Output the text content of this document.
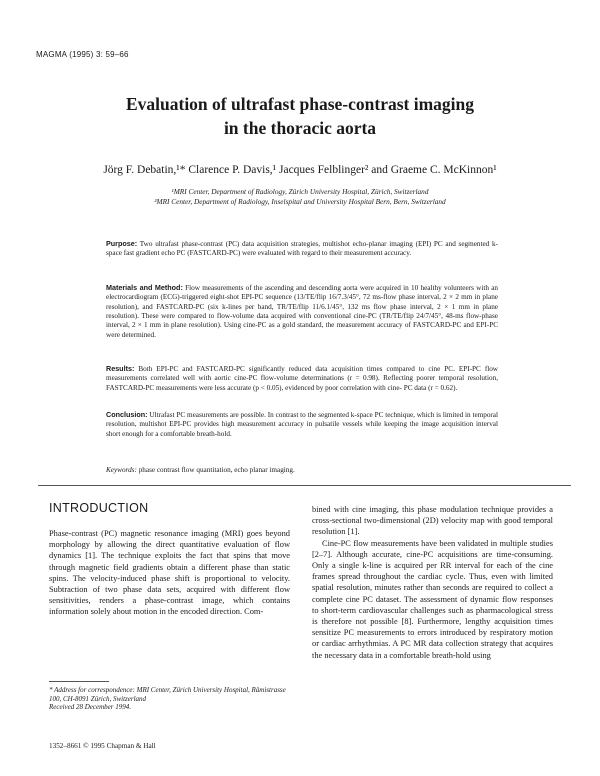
MAGMA (1995) 3: 59–66
Evaluation of ultrafast phase-contrast imaging
in the thoracic aorta
Jörg F. Debatin,¹* Clarence P. Davis,¹ Jacques Felblinger² and Graeme C. McKinnon¹
¹MRI Center, Department of Radiology, Zürich University Hospital, Zürich, Switzerland
²MRI Center, Department of Radiology, Inselspital and University Hospital Bern, Bern, Switzerland
Purpose: Two ultrafast phase-contrast (PC) data acquisition strategies, multishot echo-planar imaging (EPI) PC and segmented k-space fast gradient echo PC (FASTCARD-PC) were evaluated with regard to their measurement accuracy.
Materials and Method: Flow measurements of the ascending and descending aorta were acquired in 10 healthy volunteers with an electrocardiogram (ECG)-triggered eight-shot EPI-PC sequence (13/TE/flip 16/7.3/45°, 72 ms-flow phase interval, 2 × 2 mm in plane resolution), and FASTCARD-PC (six k-lines per band, TR/TE/flip 11/6.1/45°, 132 ms flow phase interval, 2 × 1 mm in plane resolution). These were compared to flow-volume data acquired with conventional cine-PC (TR/TE/flip 24/7/45°, 48-ms flow-phase interval, 2 × 1 mm in plane resolution). Using cine-PC as a gold standard, the measurement accuracy of FASTCARD-PC and EPI-PC were determined.
Results: Both EPI-PC and FASTCARD-PC significantly reduced data acquisition times compared to cine PC. EPI-PC flow measurements correlated well with aortic cine-PC flow-volume determinations (r = 0.98). Reflecting poorer temporal resolution, FASTCARD-PC measurements were less accurate (p < 0.05), evidenced by poor correlation with cine- PC data (r = 0.62).
Conclusion: Ultrafast PC measurements are possible. In contrast to the segmented k-space PC technique, which is limited in temporal resolution, multishot EPI-PC provides high measurement accuracy in pulsatile vessels while keeping the image acquisition interval short enough for a comfortable breath-hold.
Keywords: phase contrast flow quantitation, echo planar imaging.
INTRODUCTION
Phase-contrast (PC) magnetic resonance imaging (MRI) goes beyond morphology by allowing the direct quantitative evaluation of flow dynamics [1]. The technique exploits the fact that spins that move through magnetic field gradients obtain a different phase than static spins. The velocity-induced phase shift is proportional to velocity. Subtraction of two phase data sets, acquired with different flow sensitivities, renders a phase-contrast image, which contains information solely about motion in the encoded direction. Com-
bined with cine imaging, this phase modulation technique provides a cross-sectional two-dimensional (2D) velocity map with good temporal resolution [1].
Cine-PC flow measurements have been validated in multiple studies [2–7]. Although accurate, cine-PC acquisitions are time-consuming. Only a single k-line is acquired per RR interval for each of the cine frames spread throughout the cardiac cycle. Thus, even with limited spatial resolution, minutes rather than seconds are required to collect a complete cine PC dataset. The assessment of dynamic flow responses to short-term cardiovascular challenges such as pharmacological stress is therefore not possible [8]. Furthermore, lengthy acquisition times sensitize PC measurements to errors introduced by respiratory motion or cardiac arrhythmias. A PC MR data collection strategy that acquires the necessary data in a comfortable breath-hold using
* Address for correspondence: MRI Center, Zürich University Hospital, Rämistrasse 100, CH-8091 Zürich, Switzerland
Received 28 December 1994.
1352–8661 © 1995 Chapman & Hall
